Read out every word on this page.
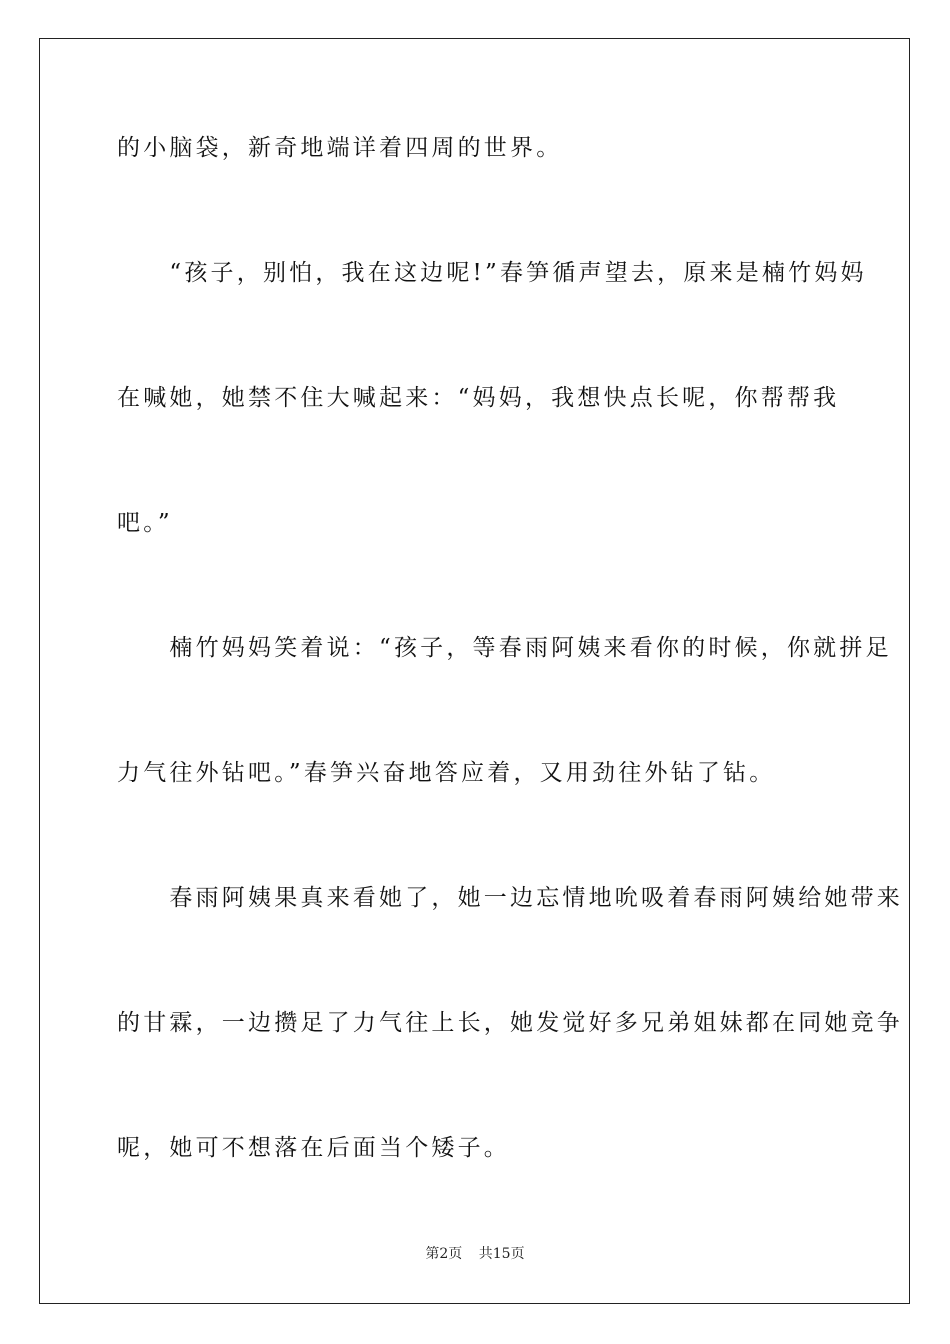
的小脑袋，新奇地端详着四周的世界。
　　“孩子，别怕，我在这边呢!”春笋循声望去，原来是楠竹妈妈
在喊她，她禁不住大喊起来：“妈妈，我想快点长呢，你帮帮我
吧。”
　　楠竹妈妈笑着说：“孩子，等春雨阿姨来看你的时候，你就拼足
力气往外钻吧。”春笋兴奋地答应着，又用劲往外钻了钻。
　　春雨阿姨果真来看她了，她一边忘情地吮吸着春雨阿姨给她带来
的甘霖，一边攒足了力气往上长，她发觉好多兄弟姐妹都在同她竞争
呢，她可不想落在后面当个矮子。
第2页 共15页
